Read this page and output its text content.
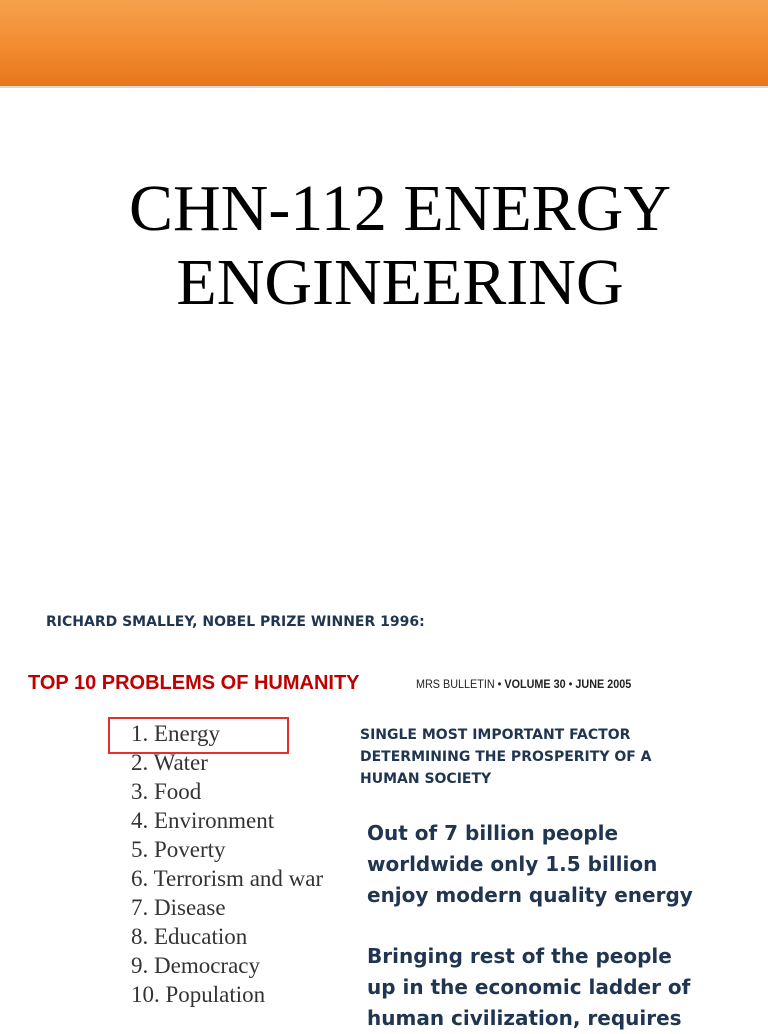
CHN-112 ENERGY
ENGINEERING
RICHARD SMALLEY, NOBEL PRIZE WINNER 1996:
TOP 10 PROBLEMS OF HUMANITY	MRS BULLETIN • VOLUME 30 • JUNE 2005
1. Energy
2. Water
3. Food
4. Environment
5. Poverty
6. Terrorism and war
7. Disease
8. Education
9. Democracy
10. Population
SINGLE MOST IMPORTANT FACTOR DETERMINING THE PROSPERITY OF A HUMAN SOCIETY
Out of 7 billion people worldwide only 1.5 billion enjoy modern quality energy
Bringing rest of the people up in the economic ladder of human civilization, requires
